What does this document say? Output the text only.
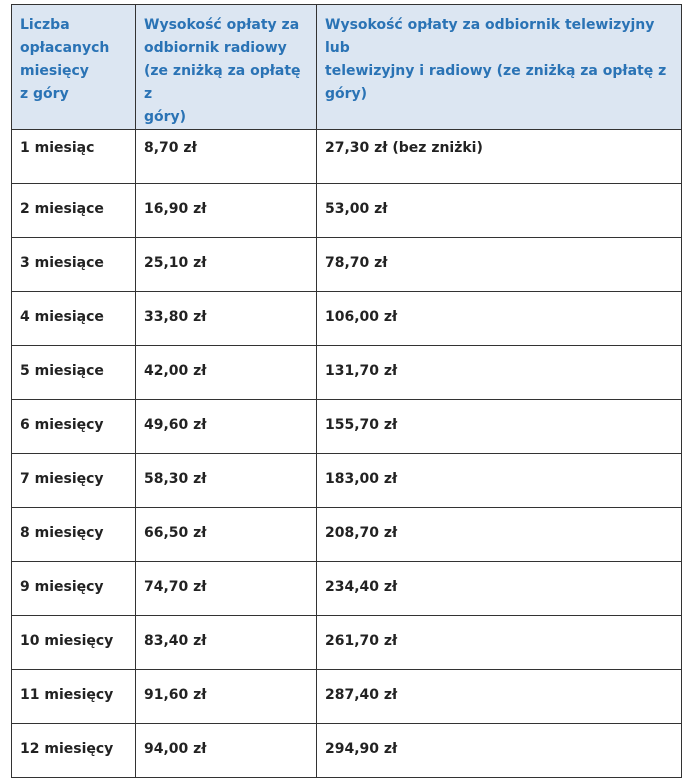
Liczba
opłacanych
miesięcy
z góry	Wysokość opłaty za
odbiornik radiowy
(ze zniżką za opłatę z
góry)	Wysokość opłaty za odbiornik telewizyjny lub
telewizyjny i radiowy (ze zniżką za opłatę z
góry)
1 miesiąc	8,70 zł	27,30 zł (bez zniżki)
2 miesiące	16,90 zł	53,00 zł
3 miesiące	25,10 zł	78,70 zł
4 miesiące	33,80 zł	106,00 zł
5 miesiące	42,00 zł	131,70 zł
6 miesięcy	49,60 zł	155,70 zł
7 miesięcy	58,30 zł	183,00 zł
8 miesięcy	66,50 zł	208,70 zł
9 miesięcy	74,70 zł	234,40 zł
10 miesięcy	83,40 zł	261,70 zł
11 miesięcy	91,60 zł	287,40 zł
12 miesięcy	94,00 zł	294,90 zł
